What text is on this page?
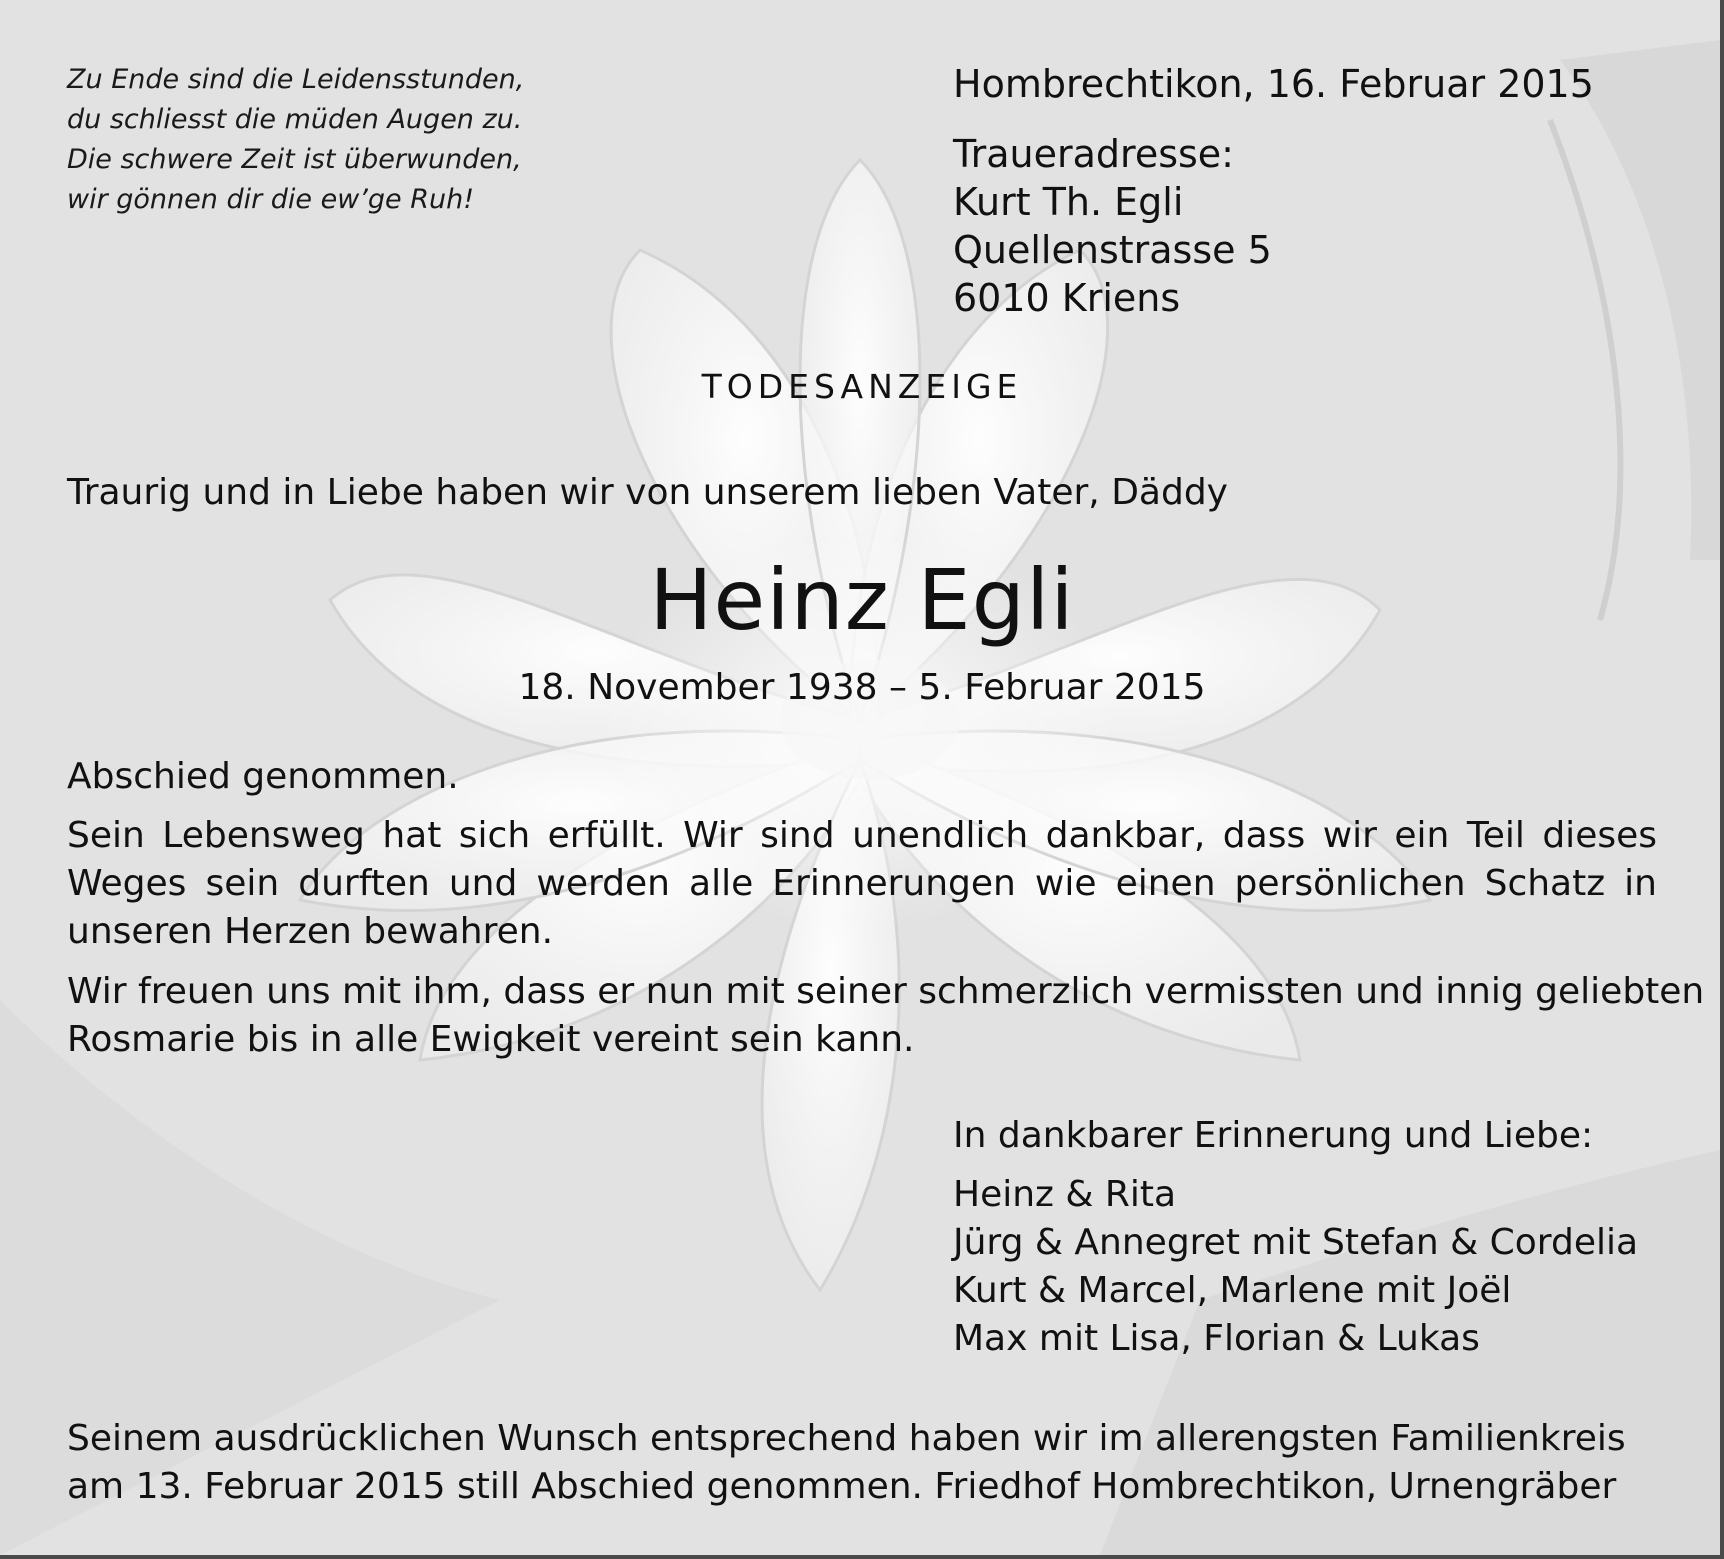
Zu Ende sind die Leidensstunden,
du schliesst die müden Augen zu.
Die schwere Zeit ist überwunden,
wir gönnen dir die ew’ge Ruh!
Hombrechtikon, 16. Februar 2015
Traueradresse:
Kurt Th. Egli
Quellenstrasse 5
6010 Kriens
TODESANZEIGE
Traurig und in Liebe haben wir von unserem lieben Vater, Däddy
Heinz Egli
18. November 1938 – 5. Februar 2015
Abschied genommen.
Sein Lebensweg hat sich erfüllt. Wir sind unendlich dankbar, dass wir ein Teil dieses Weges sein durften und werden alle Erinnerungen wie einen persönlichen Schatz in unseren Herzen bewahren.
Wir freuen uns mit ihm, dass er nun mit seiner schmerzlich vermissten und innig geliebten
Rosmarie bis in alle Ewigkeit vereint sein kann.
In dankbarer Erinnerung und Liebe:
Heinz & Rita
Jürg & Annegret mit Stefan & Cordelia
Kurt & Marcel, Marlene mit Joël
Max mit Lisa, Florian & Lukas
Seinem ausdrücklichen Wunsch entsprechend haben wir im allerengsten Familienkreis
am 13. Februar 2015 still Abschied genommen. Friedhof Hombrechtikon, Urnengräber
